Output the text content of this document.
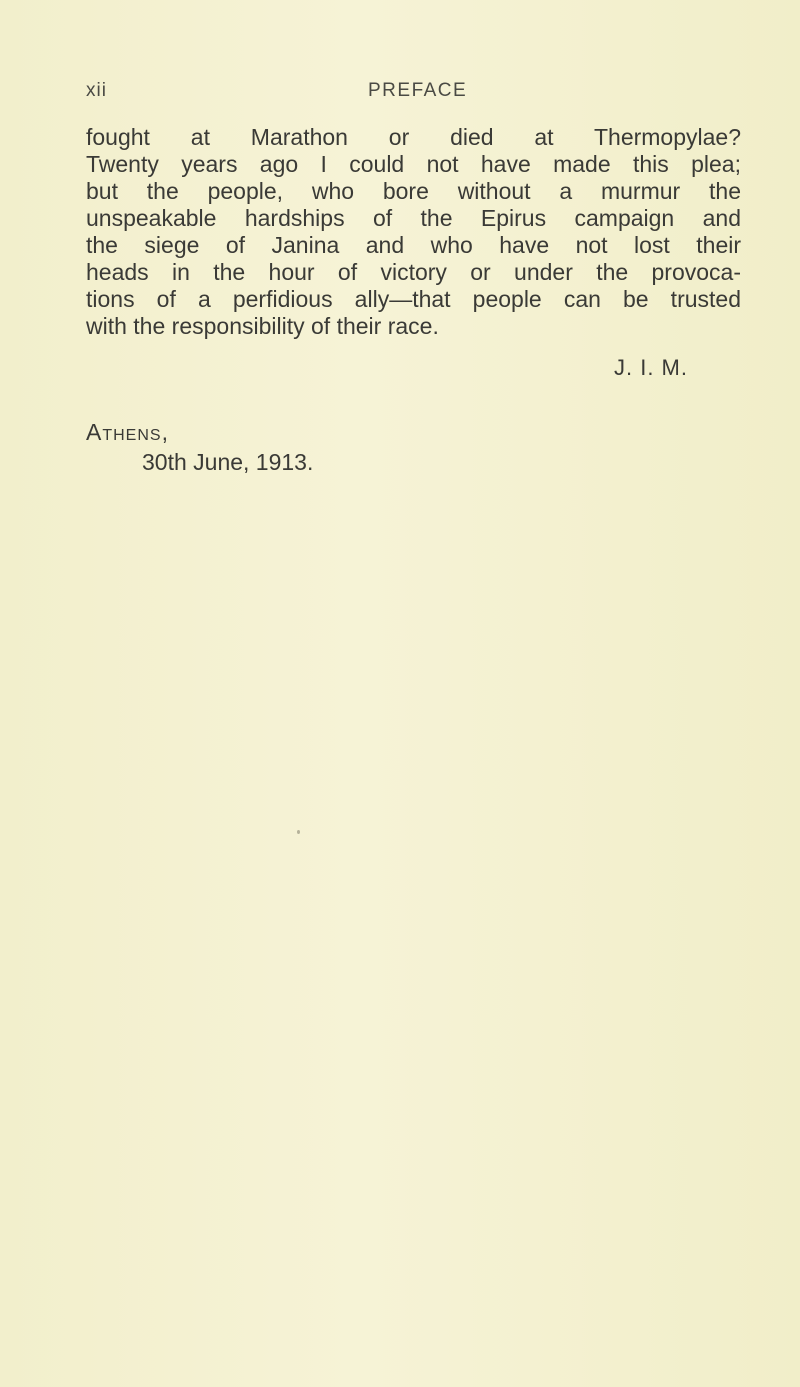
xii	PREFACE
fought at Marathon or died at Thermopylae?
Twenty years ago I could not have made this plea;
but the people, who bore without a murmur the
unspeakable hardships of the Epirus campaign and
the siege of Janina and who have not lost their
heads in the hour of victory or under the provoca-
tions of a perfidious ally—that people can be trusted
with the responsibility of their race.
J. I. M.
Athens,
30th June, 1913.
